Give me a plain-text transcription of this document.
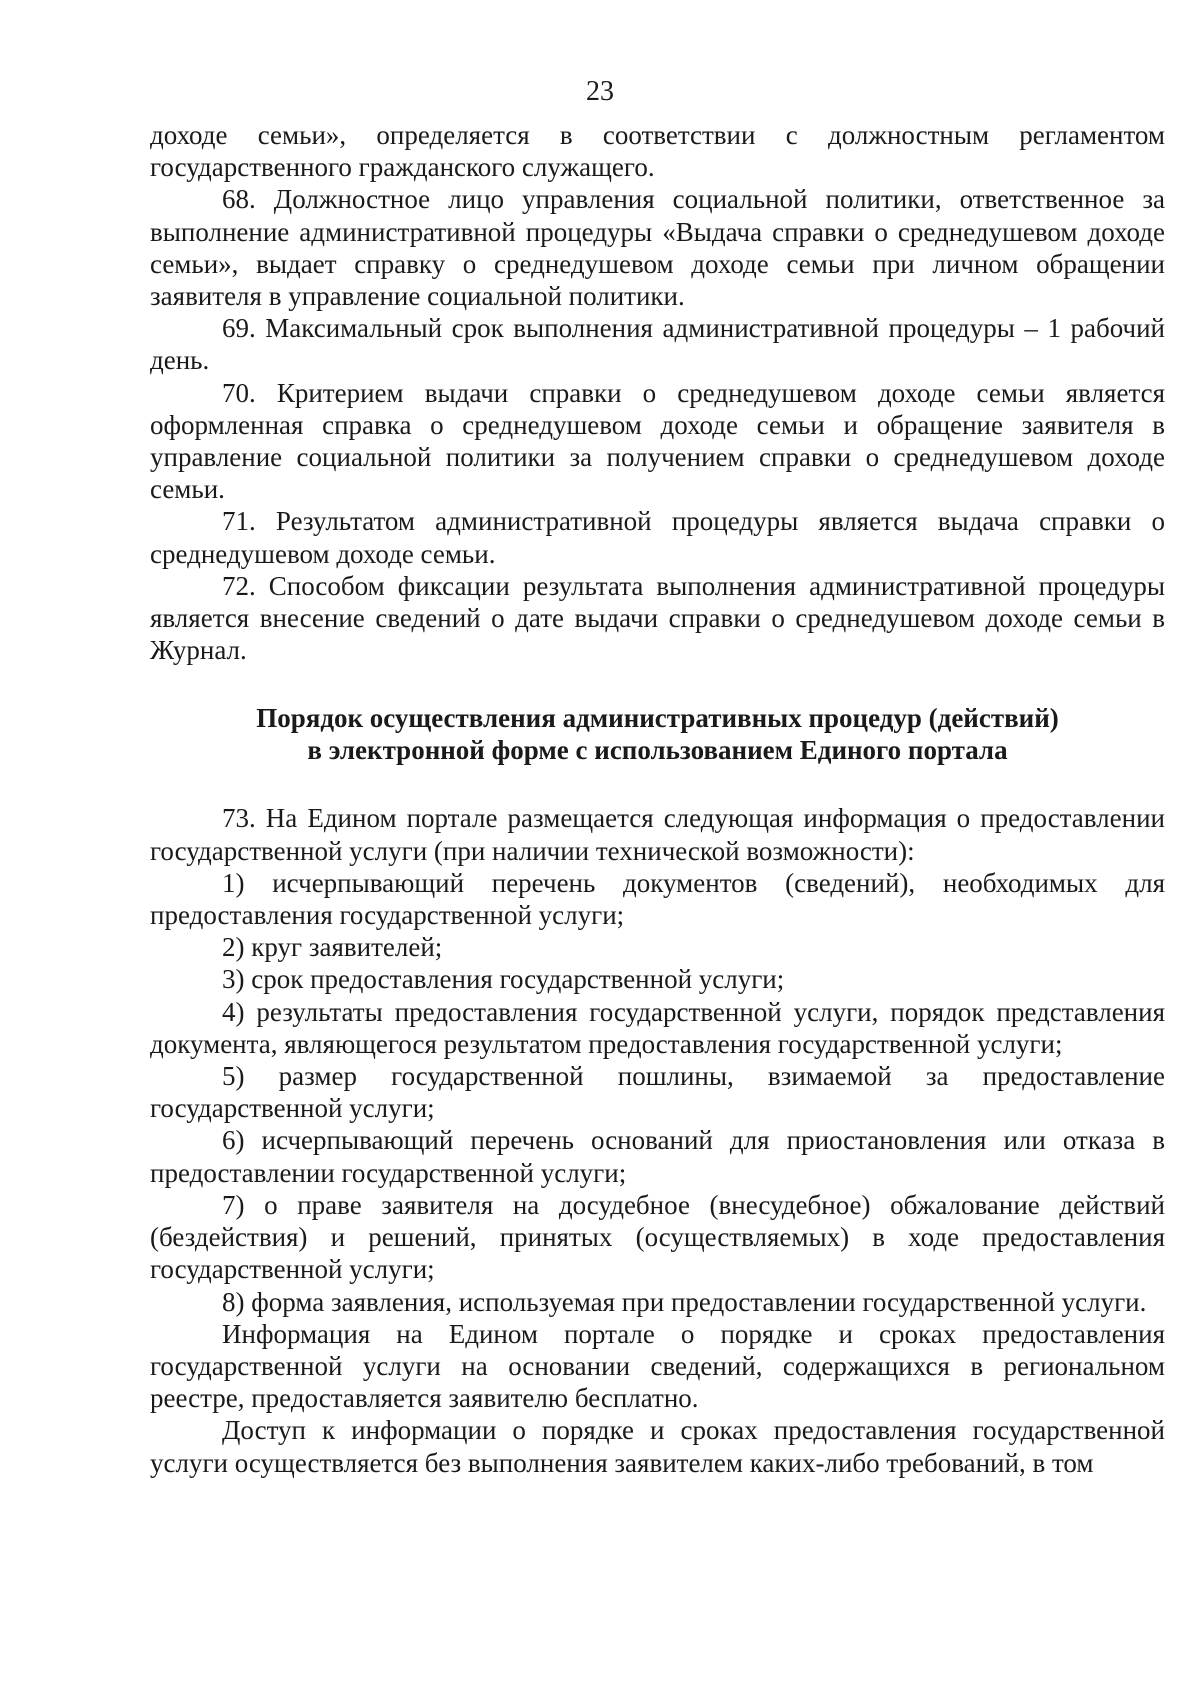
23

доходе семьи», определяется в соответствии с должностным регламентом государственного гражданского служащего.

68. Должностное лицо управления социальной политики, ответственное за выполнение административной процедуры «Выдача справки о среднедушевом доходе семьи», выдает справку о среднедушевом доходе семьи при личном обращении заявителя в управление социальной политики.

69. Максимальный срок выполнения административной процедуры – 1 рабочий день.

70. Критерием выдачи справки о среднедушевом доходе семьи является оформленная справка о среднедушевом доходе семьи и обращение заявителя в управление социальной политики за получением справки о среднедушевом доходе семьи.

71. Результатом административной процедуры является выдача справки о среднедушевом доходе семьи.

72. Способом фиксации результата выполнения административной процедуры является внесение сведений о дате выдачи справки о среднедушевом доходе семьи в Журнал.

Порядок осуществления административных процедур (действий)

в электронной форме с использованием Единого портала

73. На Едином портале размещается следующая информация о предоставлении государственной услуги (при наличии технической возможности):

1) исчерпывающий перечень документов (сведений), необходимых для предоставления государственной услуги;

2) круг заявителей;

3) срок предоставления государственной услуги;

4) результаты предоставления государственной услуги, порядок представления документа, являющегося результатом предоставления государственной услуги;

5) размер государственной пошлины, взимаемой за предоставление государственной услуги;

6) исчерпывающий перечень оснований для приостановления или отказа в предоставлении государственной услуги;

7) о праве заявителя на досудебное (внесудебное) обжалование действий (бездействия) и решений, принятых (осуществляемых) в ходе предоставления государственной услуги;

8) форма заявления, используемая при предоставлении государственной услуги.

Информация на Едином портале о порядке и сроках предоставления государственной услуги на основании сведений, содержащихся в региональном реестре, предоставляется заявителю бесплатно.

Доступ к информации о порядке и сроках предоставления государственной услуги осуществляется без выполнения заявителем каких-либо требований, в том
